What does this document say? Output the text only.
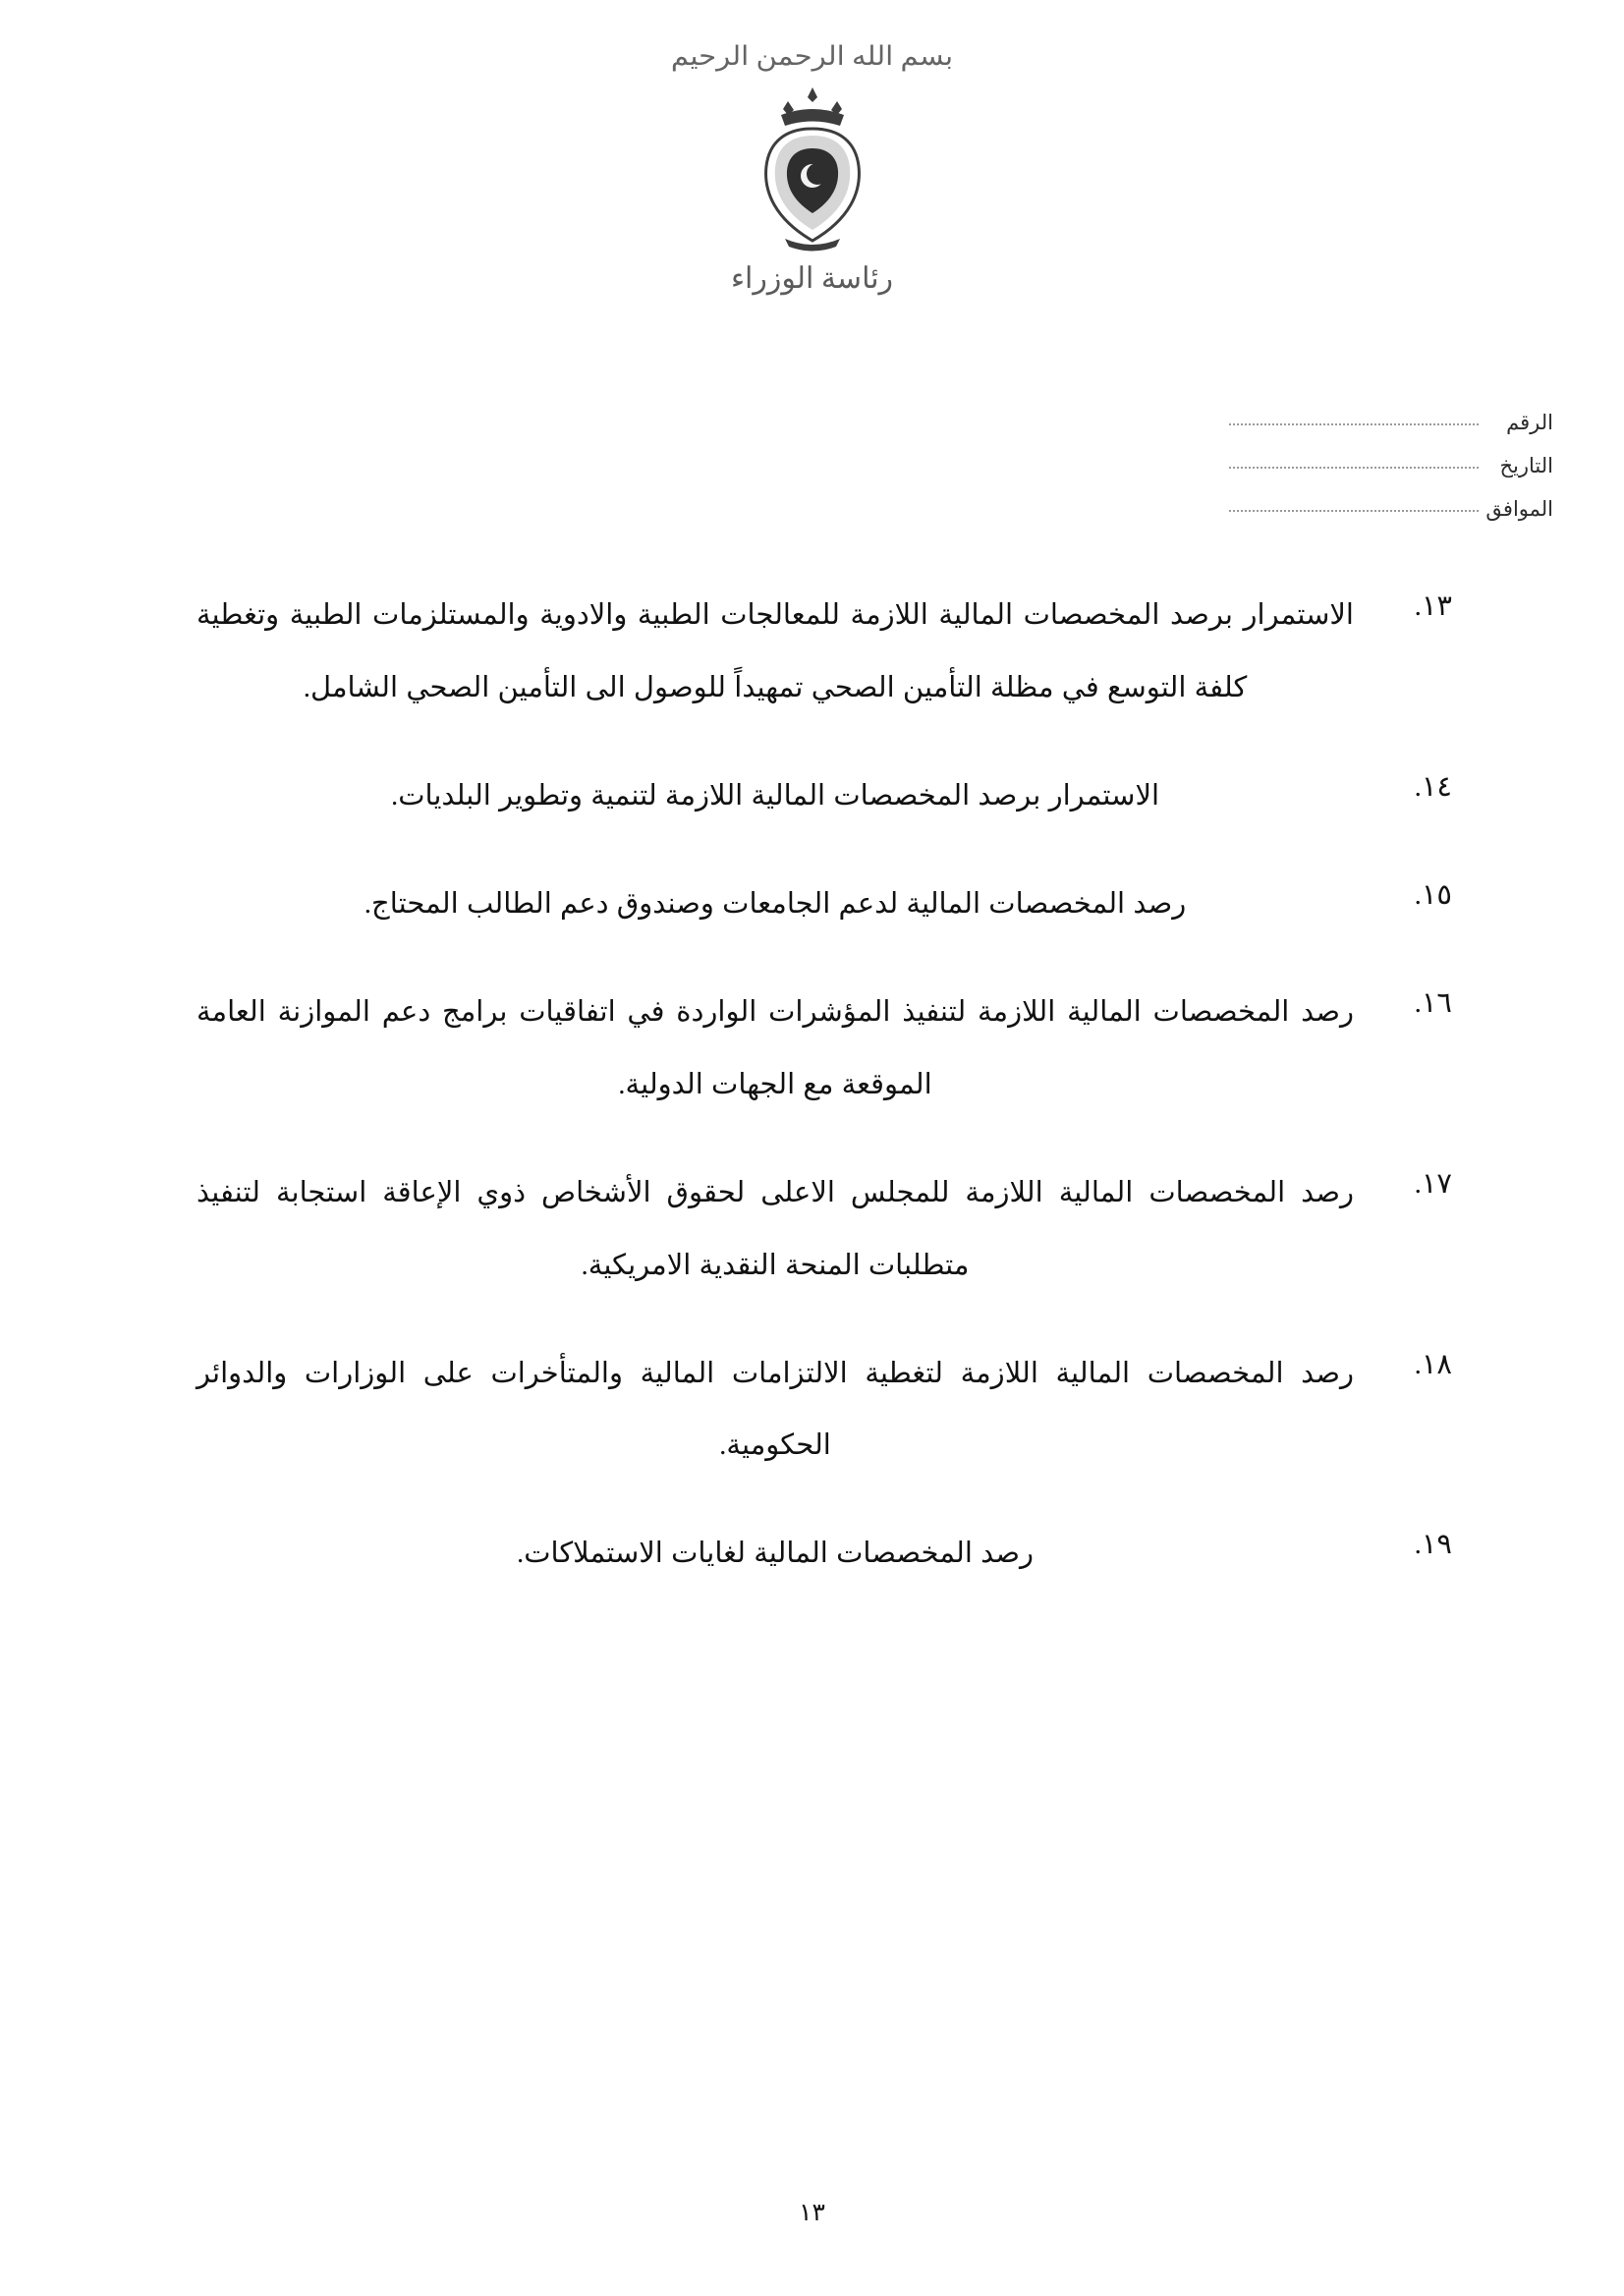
بسم الله الرحمن الرحيم
رئاسة الوزراء
الرقم
التاريخ
الموافق
١٣.
الاستمرار برصد المخصصات المالية اللازمة للمعالجات الطبية والادوية والمستلزمات الطبية وتغطية كلفة التوسع في مظلة التأمين الصحي تمهيداً للوصول الى التأمين الصحي الشامل.
١٤.
الاستمرار برصد المخصصات المالية اللازمة لتنمية وتطوير البلديات.
١٥.
رصد المخصصات المالية لدعم الجامعات وصندوق دعم الطالب المحتاج.
١٦.
رصد المخصصات المالية اللازمة لتنفيذ المؤشرات الواردة في اتفاقيات برامج دعم الموازنة العامة الموقعة مع الجهات الدولية.
١٧.
رصد المخصصات المالية اللازمة للمجلس الاعلى لحقوق الأشخاص ذوي الإعاقة استجابة لتنفيذ متطلبات المنحة النقدية الامريكية.
١٨.
رصد المخصصات المالية اللازمة لتغطية الالتزامات المالية والمتأخرات على الوزارات والدوائر الحكومية.
١٩.
رصد المخصصات المالية لغايات الاستملاكات.
١٣
